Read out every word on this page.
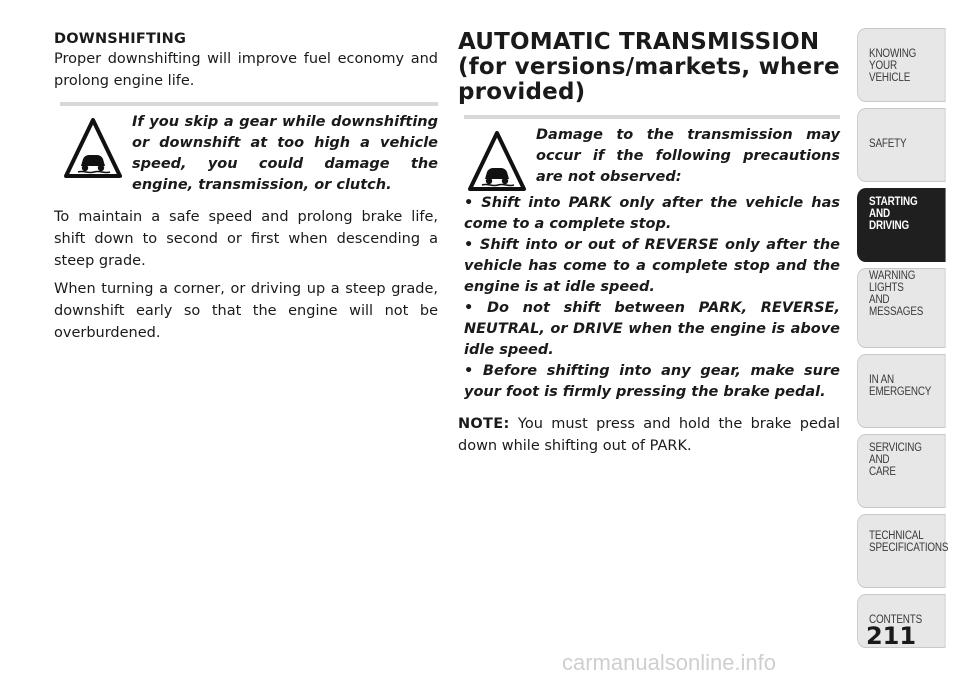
DOWNSHIFTING

Proper downshifting will improve fuel economy and prolong engine life.

If you skip a gear while downshifting or downshift at too high a vehicle speed, you could damage the engine, transmission, or clutch.

To maintain a safe speed and prolong brake life, shift down to second or first when descending a steep grade.

When turning a corner, or driving up a steep grade, downshift early so that the engine will not be overburdened.

AUTOMATIC TRANSMISSION (for versions/markets, where provided)
Damage to the transmission may occur if the following precautions are not observed:
• Shift into PARK only after the vehicle has come to a complete stop.
• Shift into or out of REVERSE only after the vehicle has come to a complete stop and the engine is at idle speed.
• Do not shift between PARK, REVERSE, NEUTRAL, or DRIVE when the engine is above idle speed.
• Before shifting into any gear, make sure your foot is firmly pressing the brake pedal.

NOTE: You must press and hold the brake pedal down while shifting out of PARK.

KNOWING
YOUR
VEHICLE
SAFETY
STARTING
AND
DRIVING
WARNING
LIGHTS
AND
MESSAGES
IN AN
EMERGENCY
SERVICING
AND
CARE
TECHNICAL
SPECIFICATIONS
CONTENTS
211
carmanualsonline.info
